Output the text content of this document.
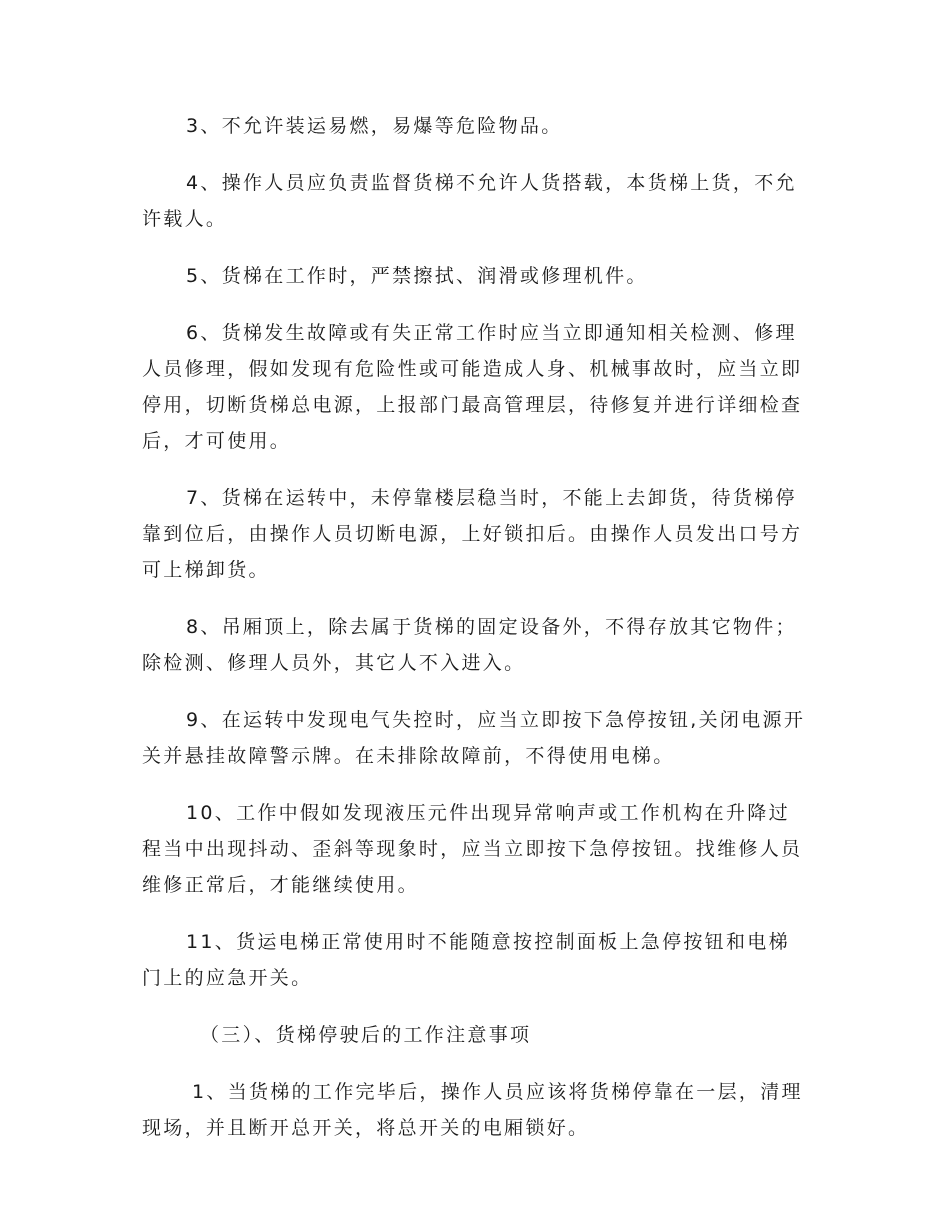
3、不允许装运易燃，易爆等危险物品。

4、操作人员应负责监督货梯不允许人货搭载，本货梯上货，不允许载人。

5、货梯在工作时，严禁擦拭、润滑或修理机件。

6、货梯发生故障或有失正常工作时应当立即通知相关检测、修理人员修理，假如发现有危险性或可能造成人身、机械事故时，应当立即停用，切断货梯总电源，上报部门最高管理层，待修复并进行详细检查后，才可使用。

7、货梯在运转中，未停靠楼层稳当时，不能上去卸货，待货梯停靠到位后，由操作人员切断电源，上好锁扣后。由操作人员发出口号方可上梯卸货。

8、吊厢顶上，除去属于货梯的固定设备外，不得存放其它物件；除检测、修理人员外，其它人不入进入。

9、在运转中发现电气失控时，应当立即按下急停按钮,关闭电源开关并悬挂故障警示牌。在未排除故障前，不得使用电梯。

10、工作中假如发现液压元件出现异常响声或工作机构在升降过程当中出现抖动、歪斜等现象时，应当立即按下急停按钮。找维修人员维修正常后，才能继续使用。

11、货运电梯正常使用时不能随意按控制面板上急停按钮和电梯门上的应急开关。

（三）、货梯停驶后的工作注意事项

1、当货梯的工作完毕后，操作人员应该将货梯停靠在一层，清理现场，并且断开总开关，将总开关的电厢锁好。
